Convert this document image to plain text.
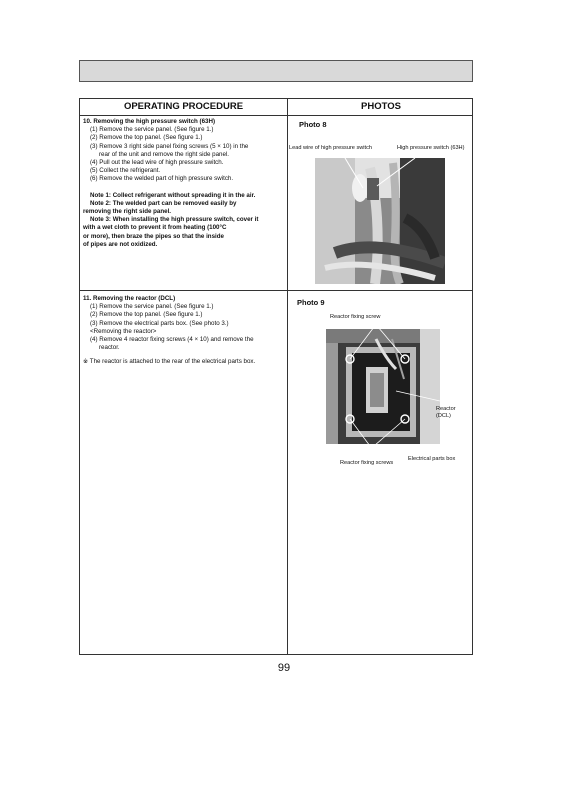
OPERATING PROCEDURE	PHOTOS
10. Removing the high pressure switch (63H)
(1) Remove the service panel. (See figure 1.)
(2) Remove the top panel. (See figure 1.)
(3) Remove 3 right side panel fixing screws (5 × 10) in the
rear of the unit and remove the right side panel.
(4) Pull out the lead wire of high pressure switch.
(5) Collect the refrigerant.
(6) Remove the welded part of high pressure switch.
Note 1: Collect refrigerant without spreading it in the air.
Note 2: The welded part can be removed easily by
removing the right side panel.
Note 3: When installing the high pressure switch, cover it
with a wet cloth to prevent it from heating (100°C
or more), then braze the pipes so that the inside
of pipes are not oxidized.
11. Removing the reactor (DCL)
(1) Remove the service panel. (See figure 1.)
(2) Remove the top panel. (See figure 1.)
(3) Remove the electrical parts box. (See photo 3.)
<Removing the reactor>
(4) Remove 4 reactor fixing screws (4 × 10) and remove the
reactor.
※ The reactor is attached to the rear of the electrical parts box.
Photo 8
Lead wire of high pressure switch	High pressure switch (63H)
Photo 9
Reactor fixing screw
Reactor
(DCL)
Reactor fixing screws
Electrical parts box
99
